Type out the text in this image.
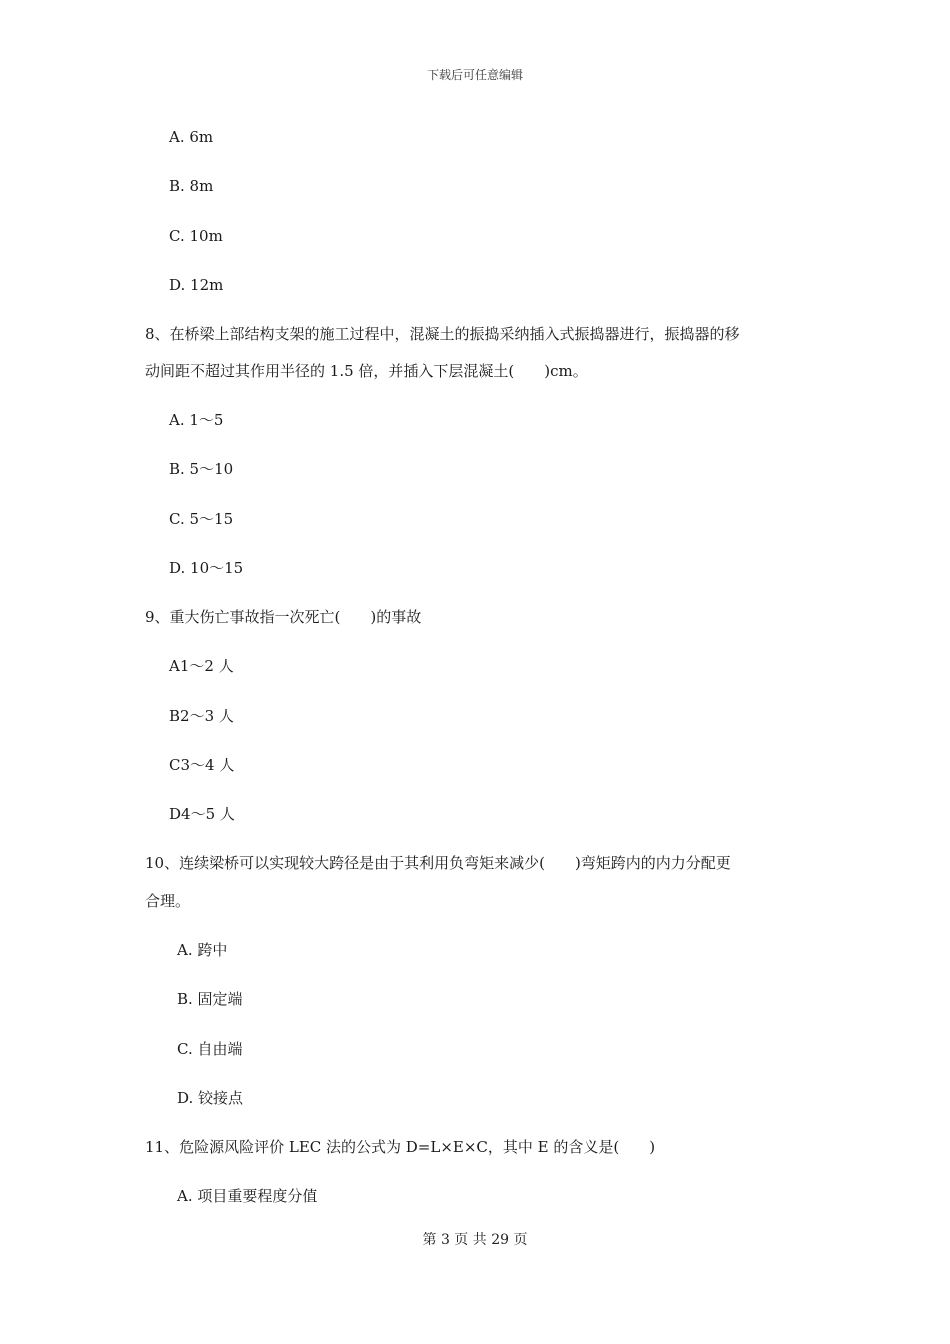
下载后可任意编辑
A. 6m
B. 8m
C. 10m
D. 12m
8、在桥梁上部结构支架的施工过程中，混凝土的振捣采纳插入式振捣器进行，振捣器的移
动间距不超过其作用半径的 1.5 倍，并插入下层混凝土(　　)cm。
A. 1～5
B. 5～10
C. 5～15
D. 10～15
9、重大伤亡事故指一次死亡(　　)的事故
A1～2 人
B2～3 人
C3～4 人
D4～5 人
10、连续梁桥可以实现较大跨径是由于其利用负弯矩来减少(　　)弯矩跨内的内力分配更
合理。
A. 跨中
B. 固定端
C. 自由端
D. 铰接点
11、危险源风险评价 LEC 法的公式为 D=L×E×C，其中 E 的含义是(　　)
A. 项目重要程度分值
第 3 页 共 29 页
